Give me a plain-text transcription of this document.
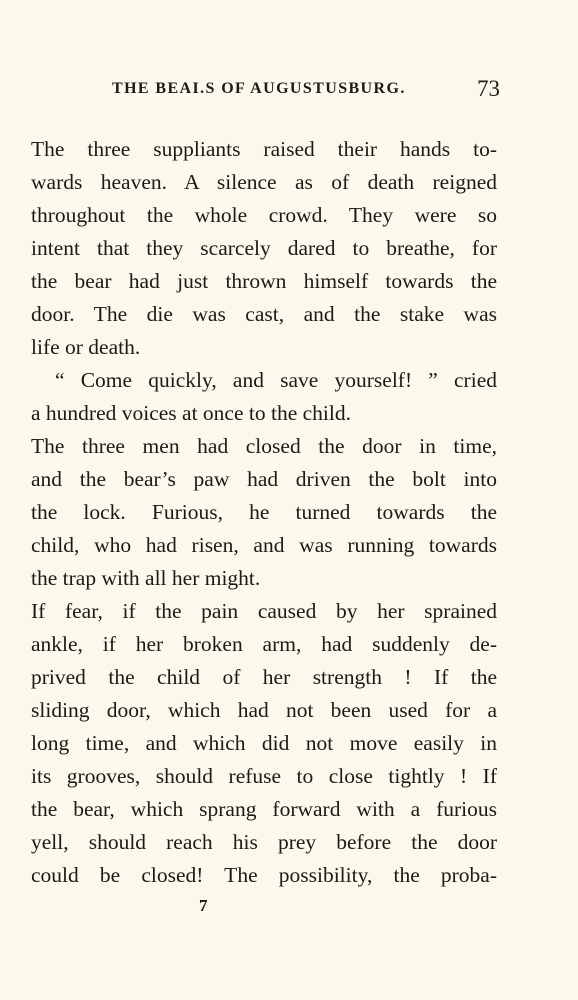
THE BEAI.S OF AUGUSTUSBURG.	73
The three suppliants raised their hands to-
wards heaven. A silence as of death reigned
throughout the whole crowd. They were so
intent that they scarcely dared to breathe, for
the bear had just thrown himself towards the
door. The die was cast, and the stake was
life or death.
“ Come quickly, and save yourself! ” cried
a hundred voices at once to the child.
The three men had closed the door in time,
and the bear’s paw had driven the bolt into
the lock. Furious, he turned towards the
child, who had risen, and was running towards
the trap with all her might.
If fear, if the pain caused by her sprained
ankle, if her broken arm, had suddenly de-
prived the child of her strength ! If the
sliding door, which had not been used for a
long time, and which did not move easily in
its grooves, should refuse to close tightly ! If
the bear, which sprang forward with a furious
yell, should reach his prey before the door
could be closed! The possibility, the proba-
7
